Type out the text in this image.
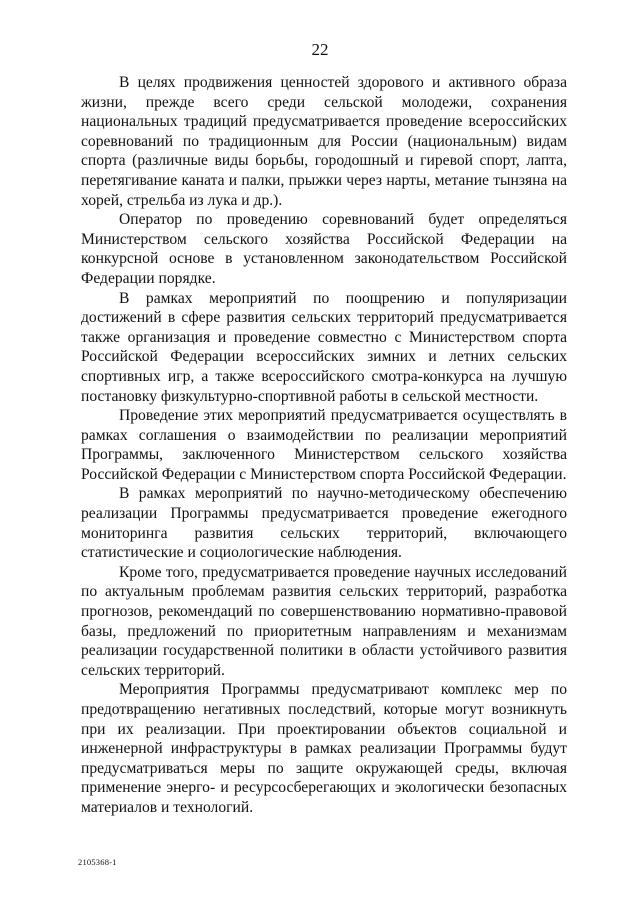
22

В целях продвижения ценностей здорового и активного образа жизни, прежде всего среди сельской молодежи, сохранения национальных традиций предусматривается проведение всероссийских соревнований по традиционным для России (национальным) видам спорта (различные виды борьбы, городошный и гиревой спорт, лапта, перетягивание каната и палки, прыжки через нарты, метание тынзяна на хорей, стрельба из лука и др.).

Оператор по проведению соревнований будет определяться Министерством сельского хозяйства Российской Федерации на конкурсной основе в установленном законодательством Российской Федерации порядке.

В рамках мероприятий по поощрению и популяризации достижений в сфере развития сельских территорий предусматривается также организация и проведение совместно с Министерством спорта Российской Федерации всероссийских зимних и летних сельских спортивных игр, а также всероссийского смотра-конкурса на лучшую постановку физкультурно-спортивной работы в сельской местности.

Проведение этих мероприятий предусматривается осуществлять в рамках соглашения о взаимодействии по реализации мероприятий Программы, заключенного Министерством сельского хозяйства Российской Федерации с Министерством спорта Российской Федерации.

В рамках мероприятий по научно-методическому обеспечению реализации Программы предусматривается проведение ежегодного мониторинга развития сельских территорий, включающего статистические и социологические наблюдения.

Кроме того, предусматривается проведение научных исследований по актуальным проблемам развития сельских территорий, разработка прогнозов, рекомендаций по совершенствованию нормативно-правовой базы, предложений по приоритетным направлениям и механизмам реализации государственной политики в области устойчивого развития сельских территорий.

Мероприятия Программы предусматривают комплекс мер по предотвращению негативных последствий, которые могут возникнуть при их реализации. При проектировании объектов социальной и инженерной инфраструктуры в рамках реализации Программы будут предусматриваться меры по защите окружающей среды, включая применение энерго- и ресурсосберегающих и экологически безопасных материалов и технологий.

2105368-1
